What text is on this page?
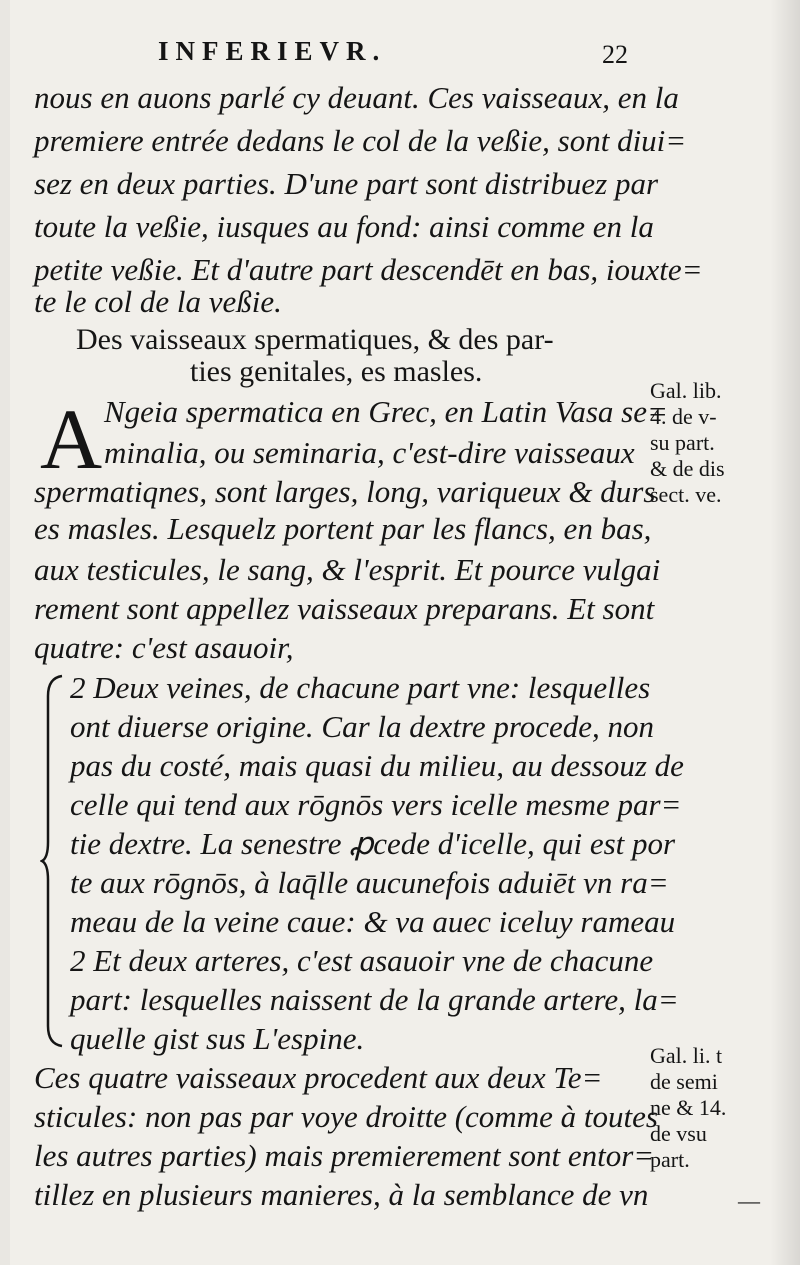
INFERIEVR.	22
nous en auons parlé cy deuant. Ces vaisseaux, en la
premiere entrée dedans le col de la veßie, sont diui=
sez en deux parties. D'une part sont distribuez par
toute la veßie, iusques au fond: ainsi comme en la
petite veßie. Et d'autre part descendēt en bas, iouxte=
te le col de la veßie.
Des vaisseaux spermatiques, & des par-
ties genitales, es masles.
A Ngeia spermatica en Grec, en Latin Vasa se=
minalia, ou seminaria, c'est-dire vaisseaux
spermatiqnes, sont larges, long, variqueux & durs
es masles. Lesquelz portent par les flancs, en bas,
aux testicules, le sang, & l'esprit. Et pource vulgai
rement sont appellez vaisseaux preparans. Et sont
quatre: c'est asauoir,
2 Deux veines, de chacune part vne: lesquelles
ont diuerse origine. Car la dextre procede, non
pas du costé, mais quasi du milieu, au dessouz de
celle qui tend aux rōgnōs vers icelle mesme par=
tie dextre. La senestre ꝓcede d'icelle, qui est por
te aux rōgnōs, à laq̄lle aucunefois aduiēt vn ra=
meau de la veine caue: & va auec iceluy rameau
2 Et deux arteres, c'est asauoir vne de chacune
part: lesquelles naissent de la grande artere, la=
quelle gist sus L'espine.
Ces quatre vaisseaux procedent aux deux Te=
sticules: non pas par voye droitte (comme à toutes
les autres parties) mais premierement sont entor=
tillez en plusieurs manieres, à la semblance de vn
Gal. lib.
4. de v-
su part.
& de dis
sect. ve.
Gal. li. t
de semi
ne & 14.
de vsu
part.
—
